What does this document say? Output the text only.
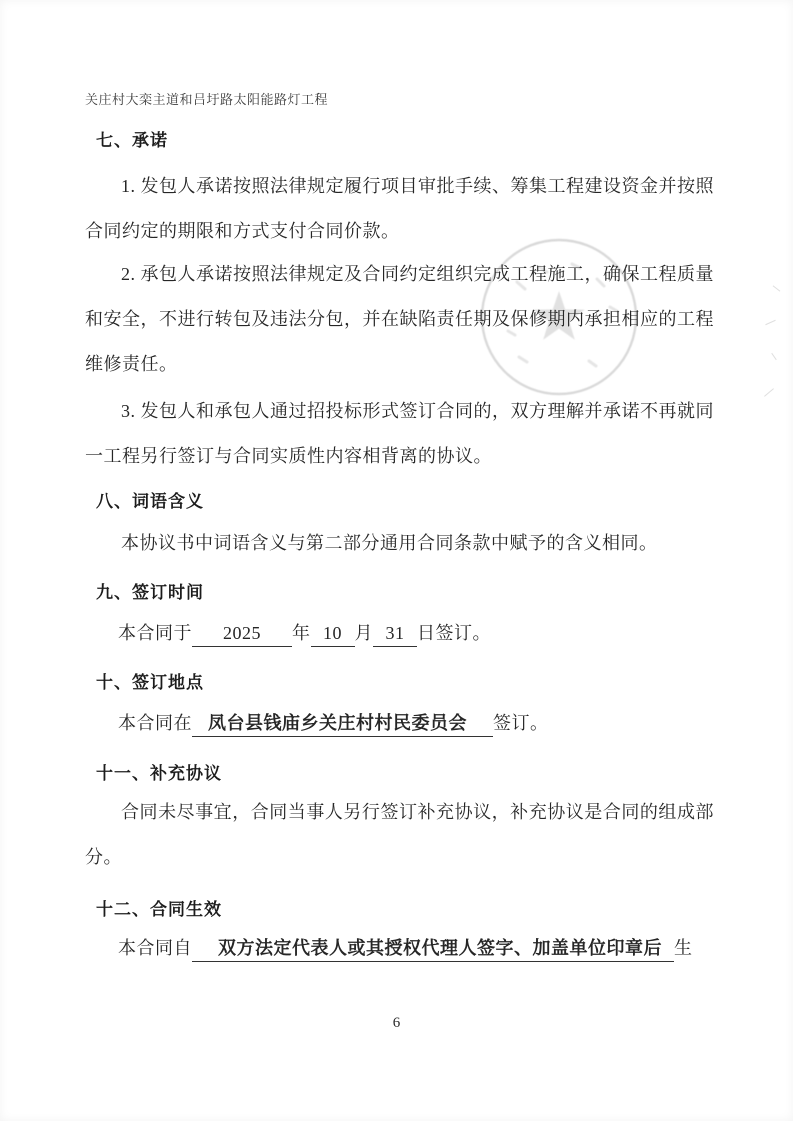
关庄村大栾主道和吕圩路太阳能路灯工程
七、承诺
1. 发包人承诺按照法律规定履行项目审批手续、筹集工程建设资金并按照合同约定的期限和方式支付合同价款。
2. 承包人承诺按照法律规定及合同约定组织完成工程施工，确保工程质量和安全，不进行转包及违法分包，并在缺陷责任期及保修期内承担相应的工程维修责任。
3. 发包人和承包人通过招投标形式签订合同的，双方理解并承诺不再就同一工程另行签订与合同实质性内容相背离的协议。
八、词语含义
本协议书中词语含义与第二部分通用合同条款中赋予的含义相同。
九、签订时间
本合同于 2025 年 10 月 31 日签订。
十、签订地点
本合同在 凤台县钱庙乡关庄村村民委员会 签订。
十一、补充协议
合同未尽事宜，合同当事人另行签订补充协议，补充协议是合同的组成部分。
十二、合同生效
本合同自 双方法定代表人或其授权代理人签字、加盖单位印章后 生
6
